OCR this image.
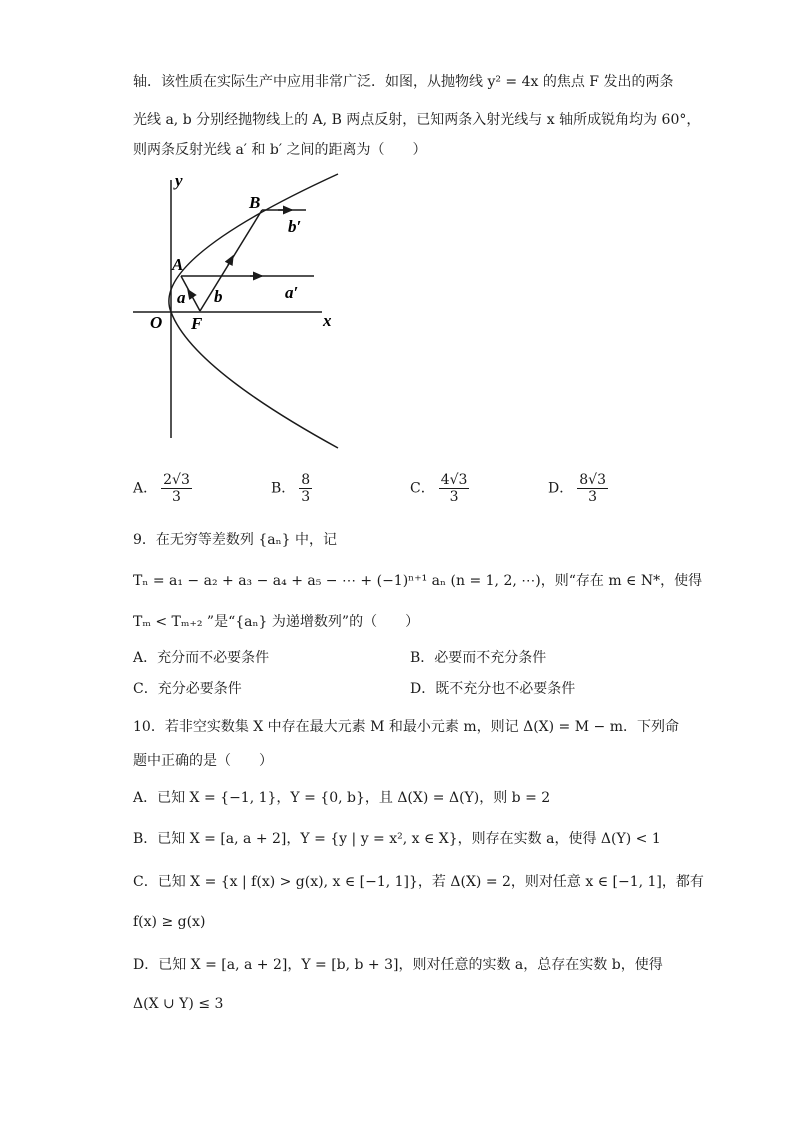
轴．该性质在实际生产中应用非常广泛．如图，从抛物线 y² = 4x 的焦点 F 发出的两条
光线 a, b 分别经抛物线上的 A, B 两点反射，已知两条入射光线与 x 轴所成锐角均为 60°，
则两条反射光线 a′ 和 b′ 之间的距离为（　　）
y
x
O F
A
B
a b	a′
b′
A． $\frac{2√3}{3}$	B． $\frac{8}{3}$	C． $\frac{4√3}{3}$	D． $\frac{8√3}{3}$
9．在无穷等差数列 {aₙ} 中，记
Tₙ = a₁ − a₂ + a₃ − a₄ + a₅ − ⋯ + (−1)ⁿ⁺¹ aₙ (n = 1, 2, ⋯)，则“存在 m ∈ N*，使得
Tₘ < Tₘ₊₂ ”是“{aₙ} 为递增数列”的（　　）
A．充分而不必要条件	B．必要而不充分条件
C．充分必要条件	D．既不充分也不必要条件
10．若非空实数集 X 中存在最大元素 M 和最小元素 m，则记 Δ(X) = M − m．下列命
题中正确的是（　　）
A．已知 X = {−1, 1}，Y = {0, b}，且 Δ(X) = Δ(Y)，则 b = 2
B．已知 X = [a, a + 2]，Y = {y | y = x², x ∈ X}，则存在实数 a，使得 Δ(Y) < 1
C．已知 X = {x | f(x) > g(x), x ∈ [−1, 1]}，若 Δ(X) = 2，则对任意 x ∈ [−1, 1]，都有
f(x) ≥ g(x)
D．已知 X = [a, a + 2]，Y = [b, b + 3]，则对任意的实数 a，总存在实数 b，使得
Δ(X ∪ Y) ≤ 3
